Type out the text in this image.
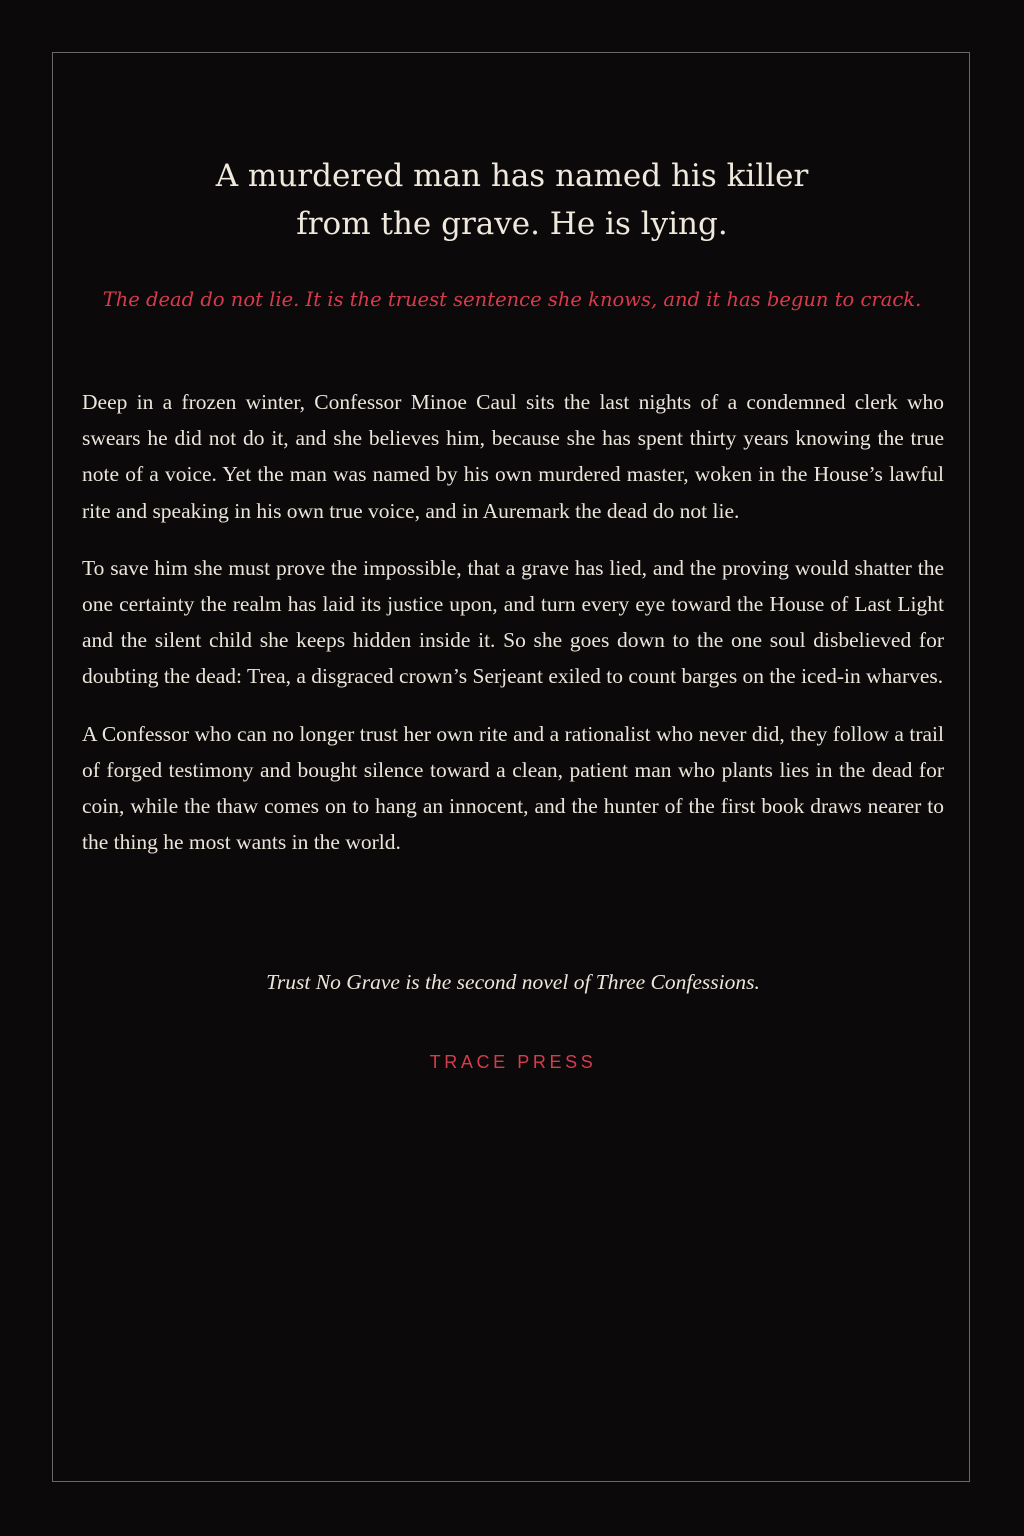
A murdered man has named his killer
from the grave. He is lying.

The dead do not lie. It is the truest sentence she knows, and it has begun to crack.

Deep in a frozen winter, Confessor Minoe Caul sits the last nights of a condemned clerk who swears he did not do it, and she believes him, because she has spent thirty years knowing the true note of a voice. Yet the man was named by his own murdered master, woken in the House’s lawful rite and speaking in his own true voice, and in Auremark the dead do not lie.

To save him she must prove the impossible, that a grave has lied, and the proving would shatter the one certainty the realm has laid its justice upon, and turn every eye toward the House of Last Light and the silent child she keeps hidden inside it. So she goes down to the one soul disbelieved for doubting the dead: Trea, a disgraced crown’s Serjeant exiled to count barges on the iced-in wharves.

A Confessor who can no longer trust her own rite and a rationalist who never did, they follow a trail of forged testimony and bought silence toward a clean, patient man who plants lies in the dead for coin, while the thaw comes on to hang an innocent, and the hunter of the first book draws nearer to the thing he most wants in the world.

Trust No Grave is the second novel of Three Confessions.

TRACE PRESS
